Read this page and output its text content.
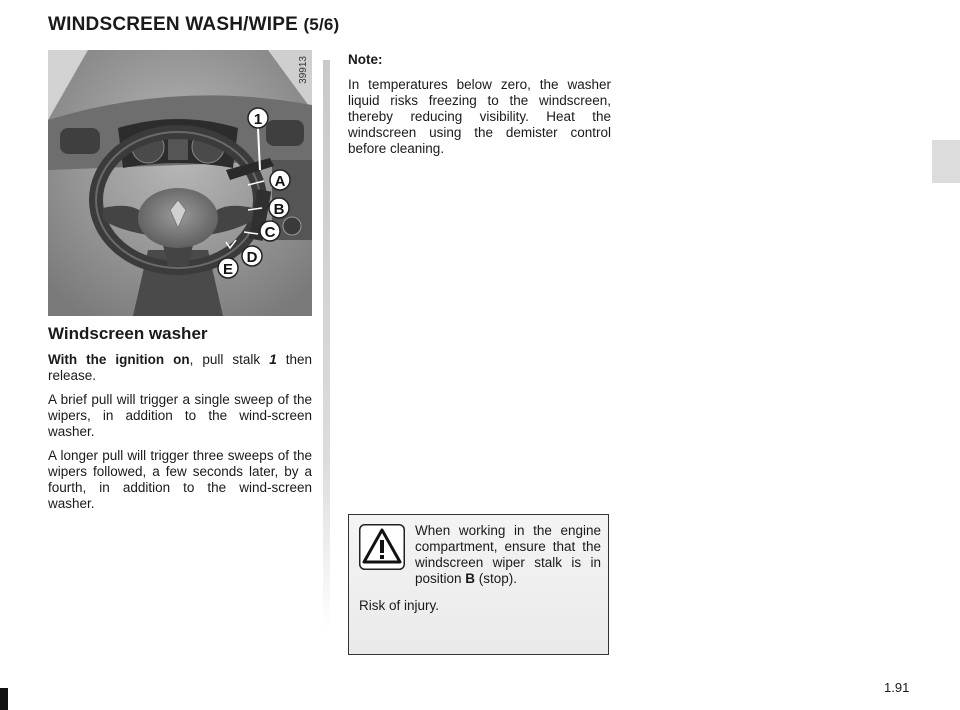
WINDSCREEN WASH/WIPE (5/6)
39913
1
A
B
C
D
E
Windscreen washer

With the ignition on, pull stalk 1 then release.

A brief pull will trigger a single sweep of the wipers, in addition to the wind-screen washer.

A longer pull will trigger three sweeps of the wipers followed, a few seconds later, by a fourth, in addition to the wind-screen washer.

Note:

In temperatures below zero, the washer liquid risks freezing to the windscreen, thereby reducing visibility. Heat the windscreen using the demister control before cleaning.

When working in the engine compartment, ensure that the windscreen wiper stalk is in position B (stop).

Risk of injury.

1.91
